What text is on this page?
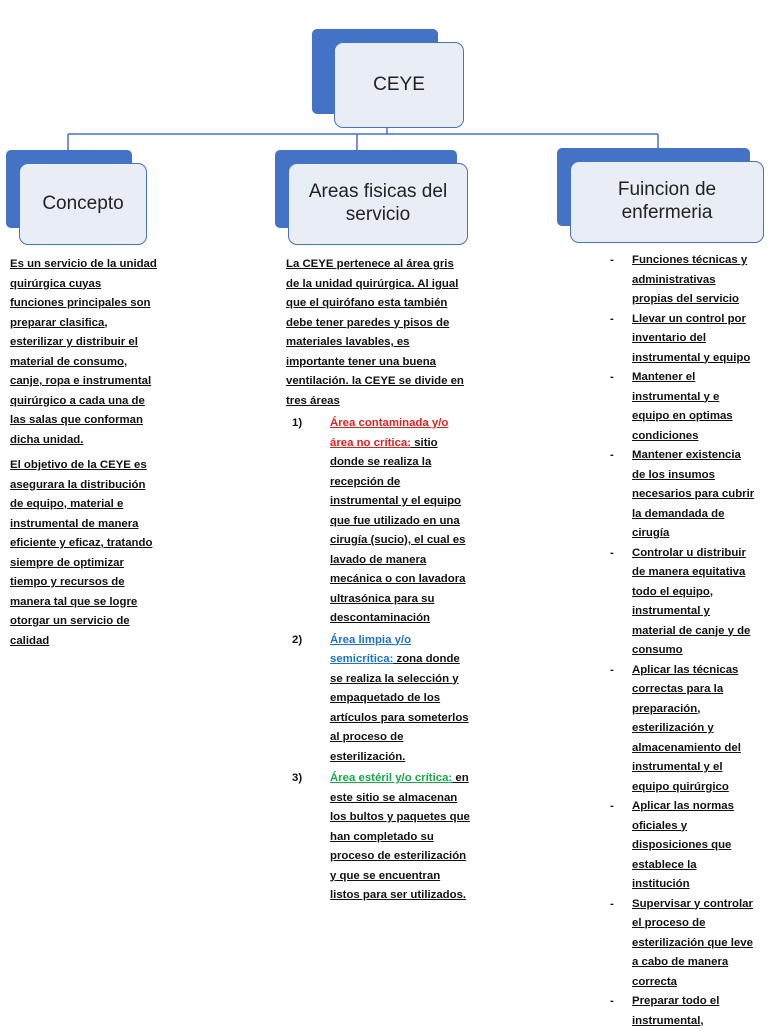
CEYE
Concepto
Areas fisicas del servicio
Fuincion de enfermeria

Es un servicio de la unidad quirúrgica cuyas funciones principales son preparar clasifica, esterilizar y distribuir el material de consumo, canje, ropa e instrumental quirúrgico a cada una de las salas que conforman dicha unidad.

El objetivo de la CEYE es asegurara la distribución de equipo, material e instrumental de manera eficiente y eficaz, tratando siempre de optimizar tiempo y recursos de manera tal que se logre otorgar un servicio de calidad

La CEYE pertenece al área gris de la unidad quirúrgica. Al igual que el quirófano esta también debe tener paredes y pisos de materiales lavables, es importante tener una buena ventilación. la CEYE se divide en tres áreas

1) Área contaminada y/o área no crítica: sitio donde se realiza la recepción de instrumental y el equipo que fue utilizado en una cirugía (sucio), el cual es lavado de manera mecánica o con lavadora ultrasónica para su descontaminación
2) Área limpia y/o semicrítica: zona donde se realiza la selección y empaquetado de los artículos para someterlos al proceso de esterilización.
3) Área estéril y/o crítica: en este sitio se almacenan los bultos y paquetes que han completado su proceso de esterilización y que se encuentran listos para ser utilizados.
- Funciones técnicas y administrativas propias del servicio
- Llevar un control por inventario del instrumental y equipo
- Mantener el instrumental y e equipo en optimas condiciones
- Mantener existencia de los insumos necesarios para cubrir la demandada de cirugía
- Controlar u distribuir de manera equitativa todo el equipo, instrumental y material de canje y de consumo
- Aplicar las técnicas correctas para la preparación, esterilización y almacenamiento del instrumental y el equipo quirúrgico
- Aplicar las normas oficiales y disposiciones que establece la institución
- Supervisar y controlar el proceso de esterilización que leve a cabo de manera correcta
- Preparar todo el instrumental,
